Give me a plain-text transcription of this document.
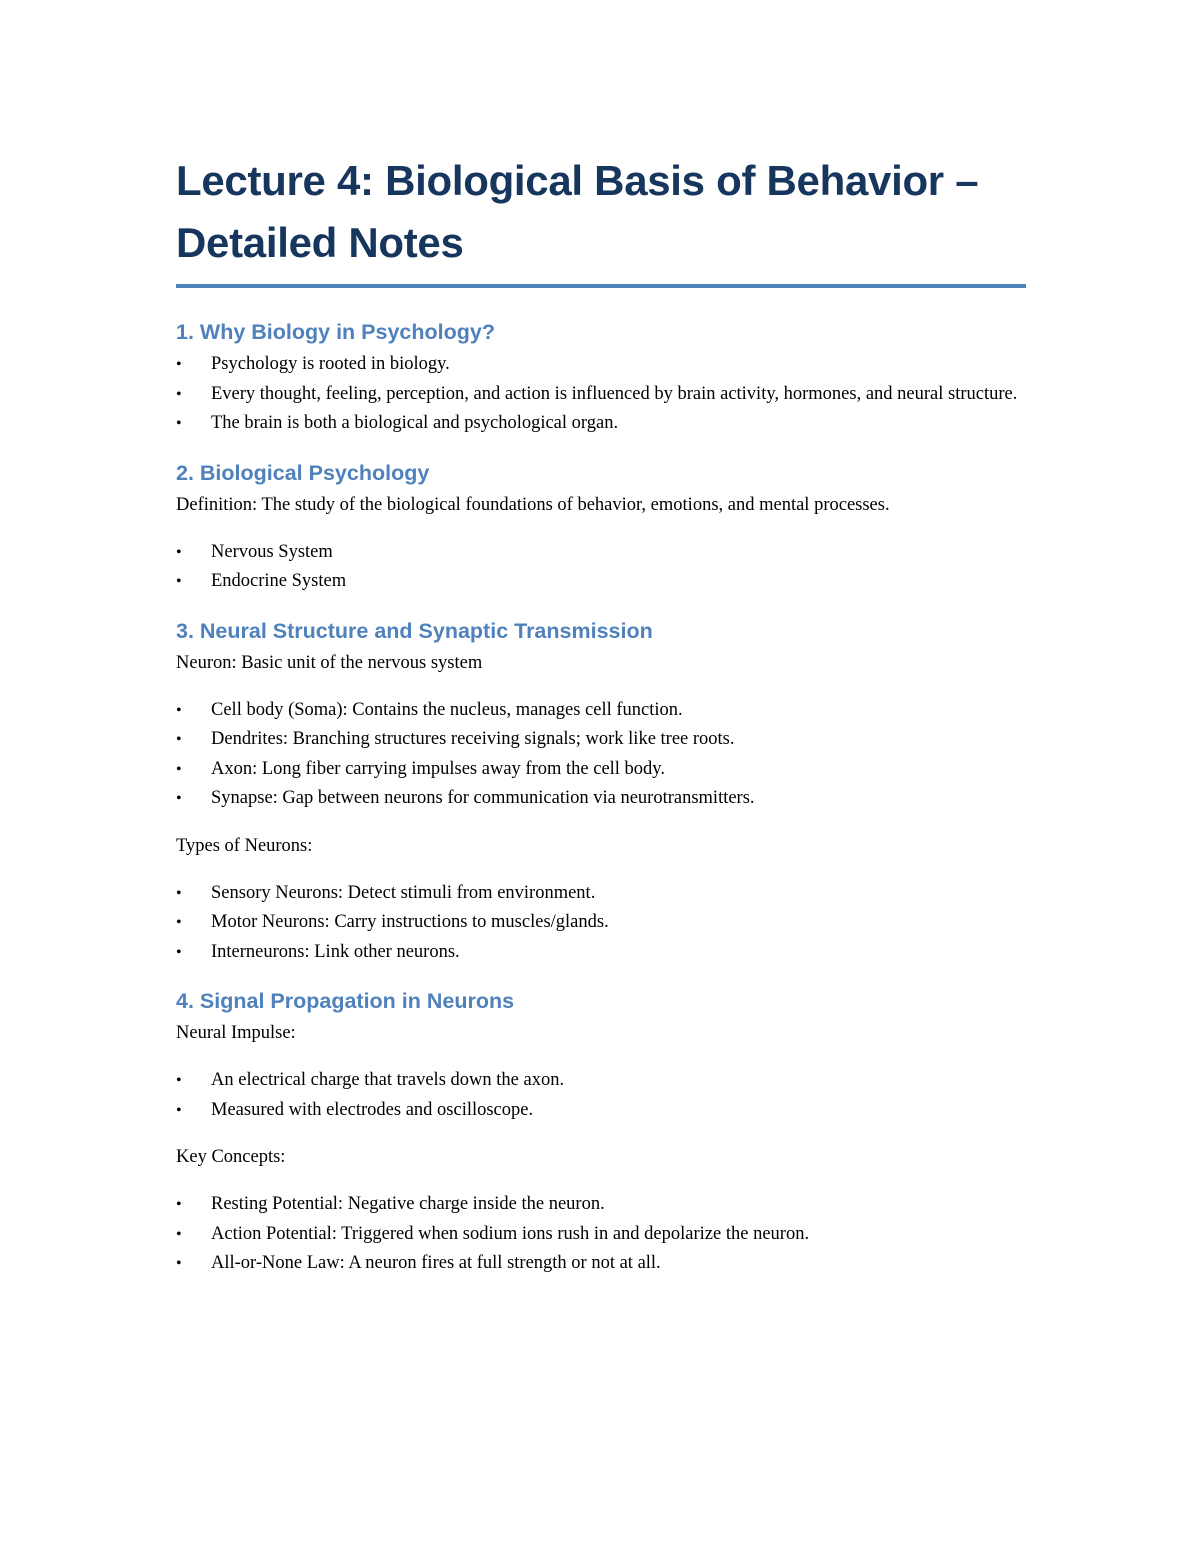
Lecture 4: Biological Basis of Behavior – Detailed Notes
1. Why Biology in Psychology?
• Psychology is rooted in biology.
• Every thought, feeling, perception, and action is influenced by brain activity, hormones, and neural structure.
• The brain is both a biological and psychological organ.
2. Biological Psychology

Definition: The study of the biological foundations of behavior, emotions, and mental processes.

• Nervous System
• Endocrine System
3. Neural Structure and Synaptic Transmission

Neuron: Basic unit of the nervous system

• Cell body (Soma): Contains the nucleus, manages cell function.
• Dendrites: Branching structures receiving signals; work like tree roots.
• Axon: Long fiber carrying impulses away from the cell body.
• Synapse: Gap between neurons for communication via neurotransmitters.

Types of Neurons:

• Sensory Neurons: Detect stimuli from environment.
• Motor Neurons: Carry instructions to muscles/glands.
• Interneurons: Link other neurons.
4. Signal Propagation in Neurons

Neural Impulse:

• An electrical charge that travels down the axon.
• Measured with electrodes and oscilloscope.

Key Concepts:

• Resting Potential: Negative charge inside the neuron.
• Action Potential: Triggered when sodium ions rush in and depolarize the neuron.
• All-or-None Law: A neuron fires at full strength or not at all.
